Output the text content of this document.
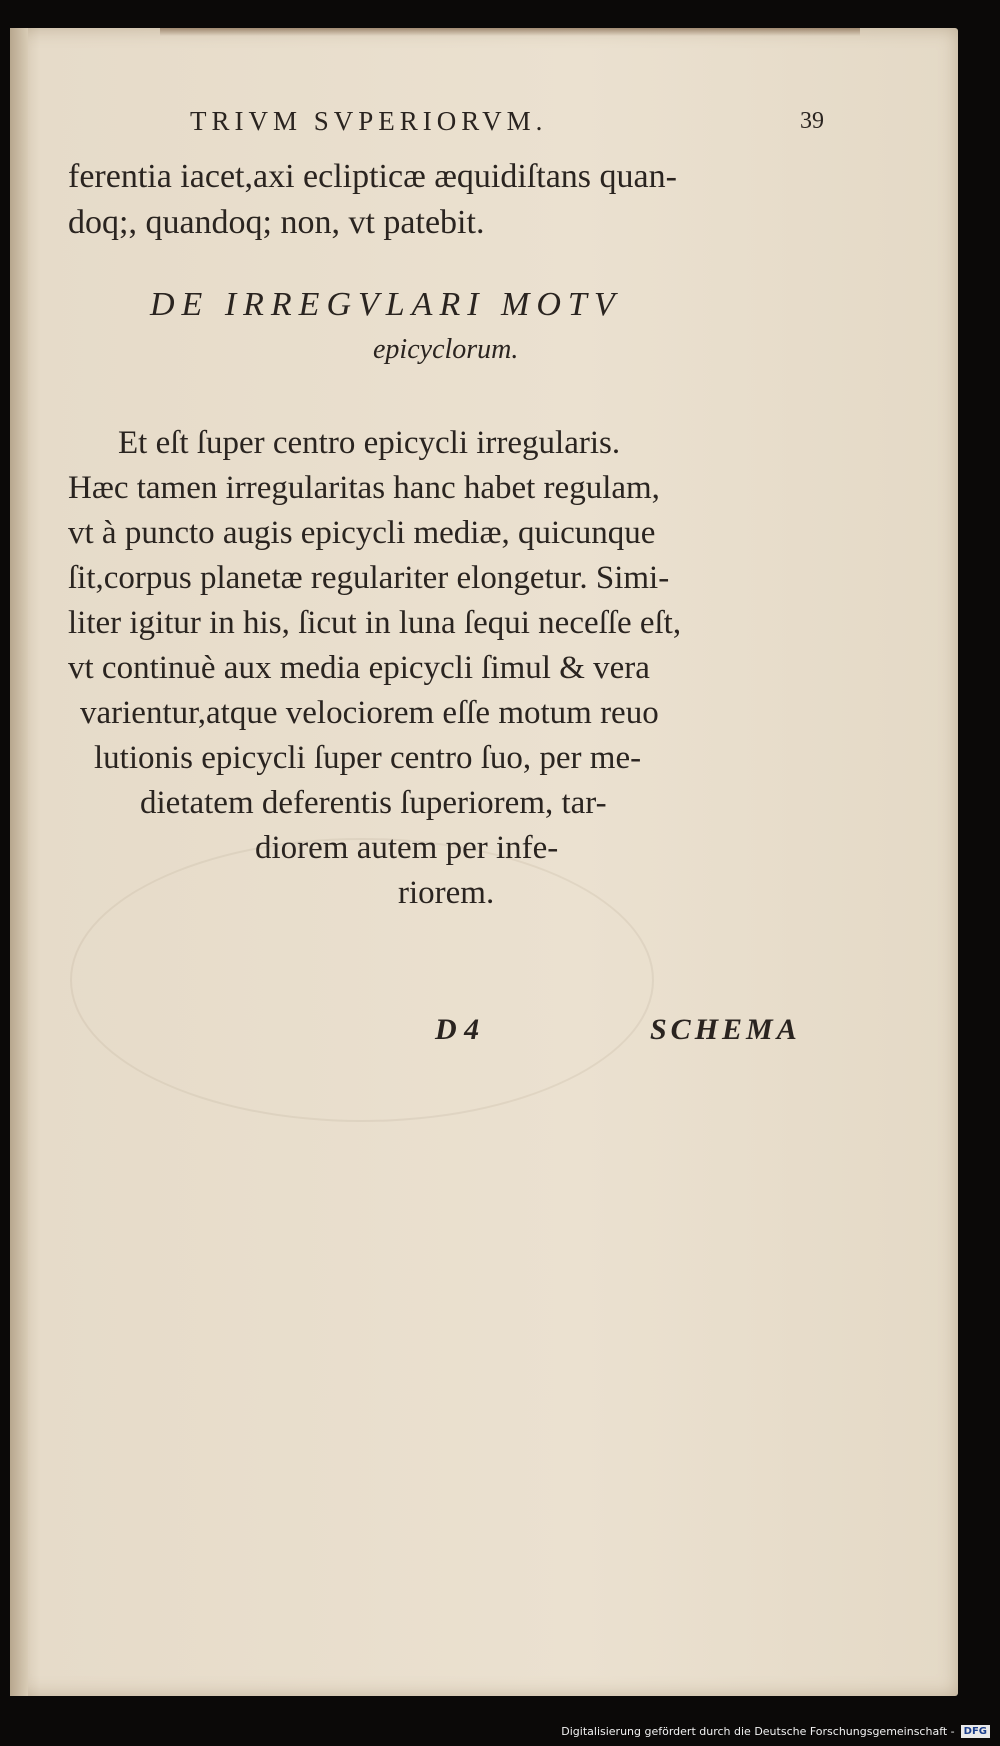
TRIVM SVPERIORVM.	39
ferentia iacet,axi eclipticæ æquidiſtans quan-
doq;, quandoq; non, vt patebit.
DE IRREGVLARI MOTV
epicyclorum.
Et eſt ſuper centro epicycli irregularis.
Hæc tamen irregularitas hanc habet regulam,
vt à puncto augis epicycli mediæ, quicunque
ſit,corpus planetæ regulariter elongetur. Simi-
liter igitur in his, ſicut in luna ſequi neceſſe eſt,
vt continuè aux media epicycli ſimul & vera
varientur,atque velociorem eſſe motum reuo
lutionis epicycli ſuper centro ſuo, per me-
dietatem deferentis ſuperiorem, tar-
diorem autem per infe-
riorem.
D 4	SCHEMA
Digitalisierung gefördert durch die Deutsche Forschungsgemeinschaft - DFG
